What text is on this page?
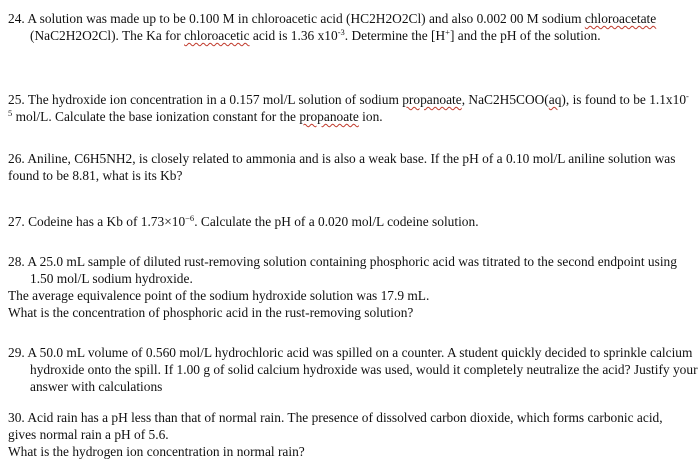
24. A solution was made up to be 0.100 M in chloroacetic acid (HC2H2O2Cl) and also 0.002 00 M sodium chloroacetate (NaC2H2O2Cl). The Ka for chloroacetic acid is 1.36 $x10^{-3}$. Determine the [H+] and the pH of the solution.
25. The hydroxide ion concentration in a 0.157 mol/L solution of sodium propanoate, NaC2H5COO(aq), is found to be $1.1x10^{-5}$ mol/L. Calculate the base ionization constant for the propanoate ion.

26. Aniline, C6H5NH2, is closely related to ammonia and is also a weak base. If the pH of a 0.10 mol/L aniline solution was found to be 8.81, what is its Kb?

27. Codeine has a Kb of $1.73\times 10^{-6}$. Calculate the pH of a 0.020 mol/L codeine solution.

28. A 25.0 mL sample of diluted rust-removing solution containing phosphoric acid was titrated to the second endpoint using 1.50 mol/L sodium hydroxide.

The average equivalence point of the sodium hydroxide solution was 17.9 mL.

What is the concentration of phosphoric acid in the rust-removing solution?

29. A 50.0 mL volume of 0.560 mol/L hydrochloric acid was spilled on a counter. A student quickly decided to sprinkle calcium hydroxide onto the spill. If 1.00 g of solid calcium hydroxide was used, would it completely neutralize the acid? Justify your answer with calculations

30. Acid rain has a pH less than that of normal rain. The presence of dissolved carbon dioxide, which forms carbonic acid, gives normal rain a pH of 5.6.

What is the hydrogen ion concentration in normal rain?
